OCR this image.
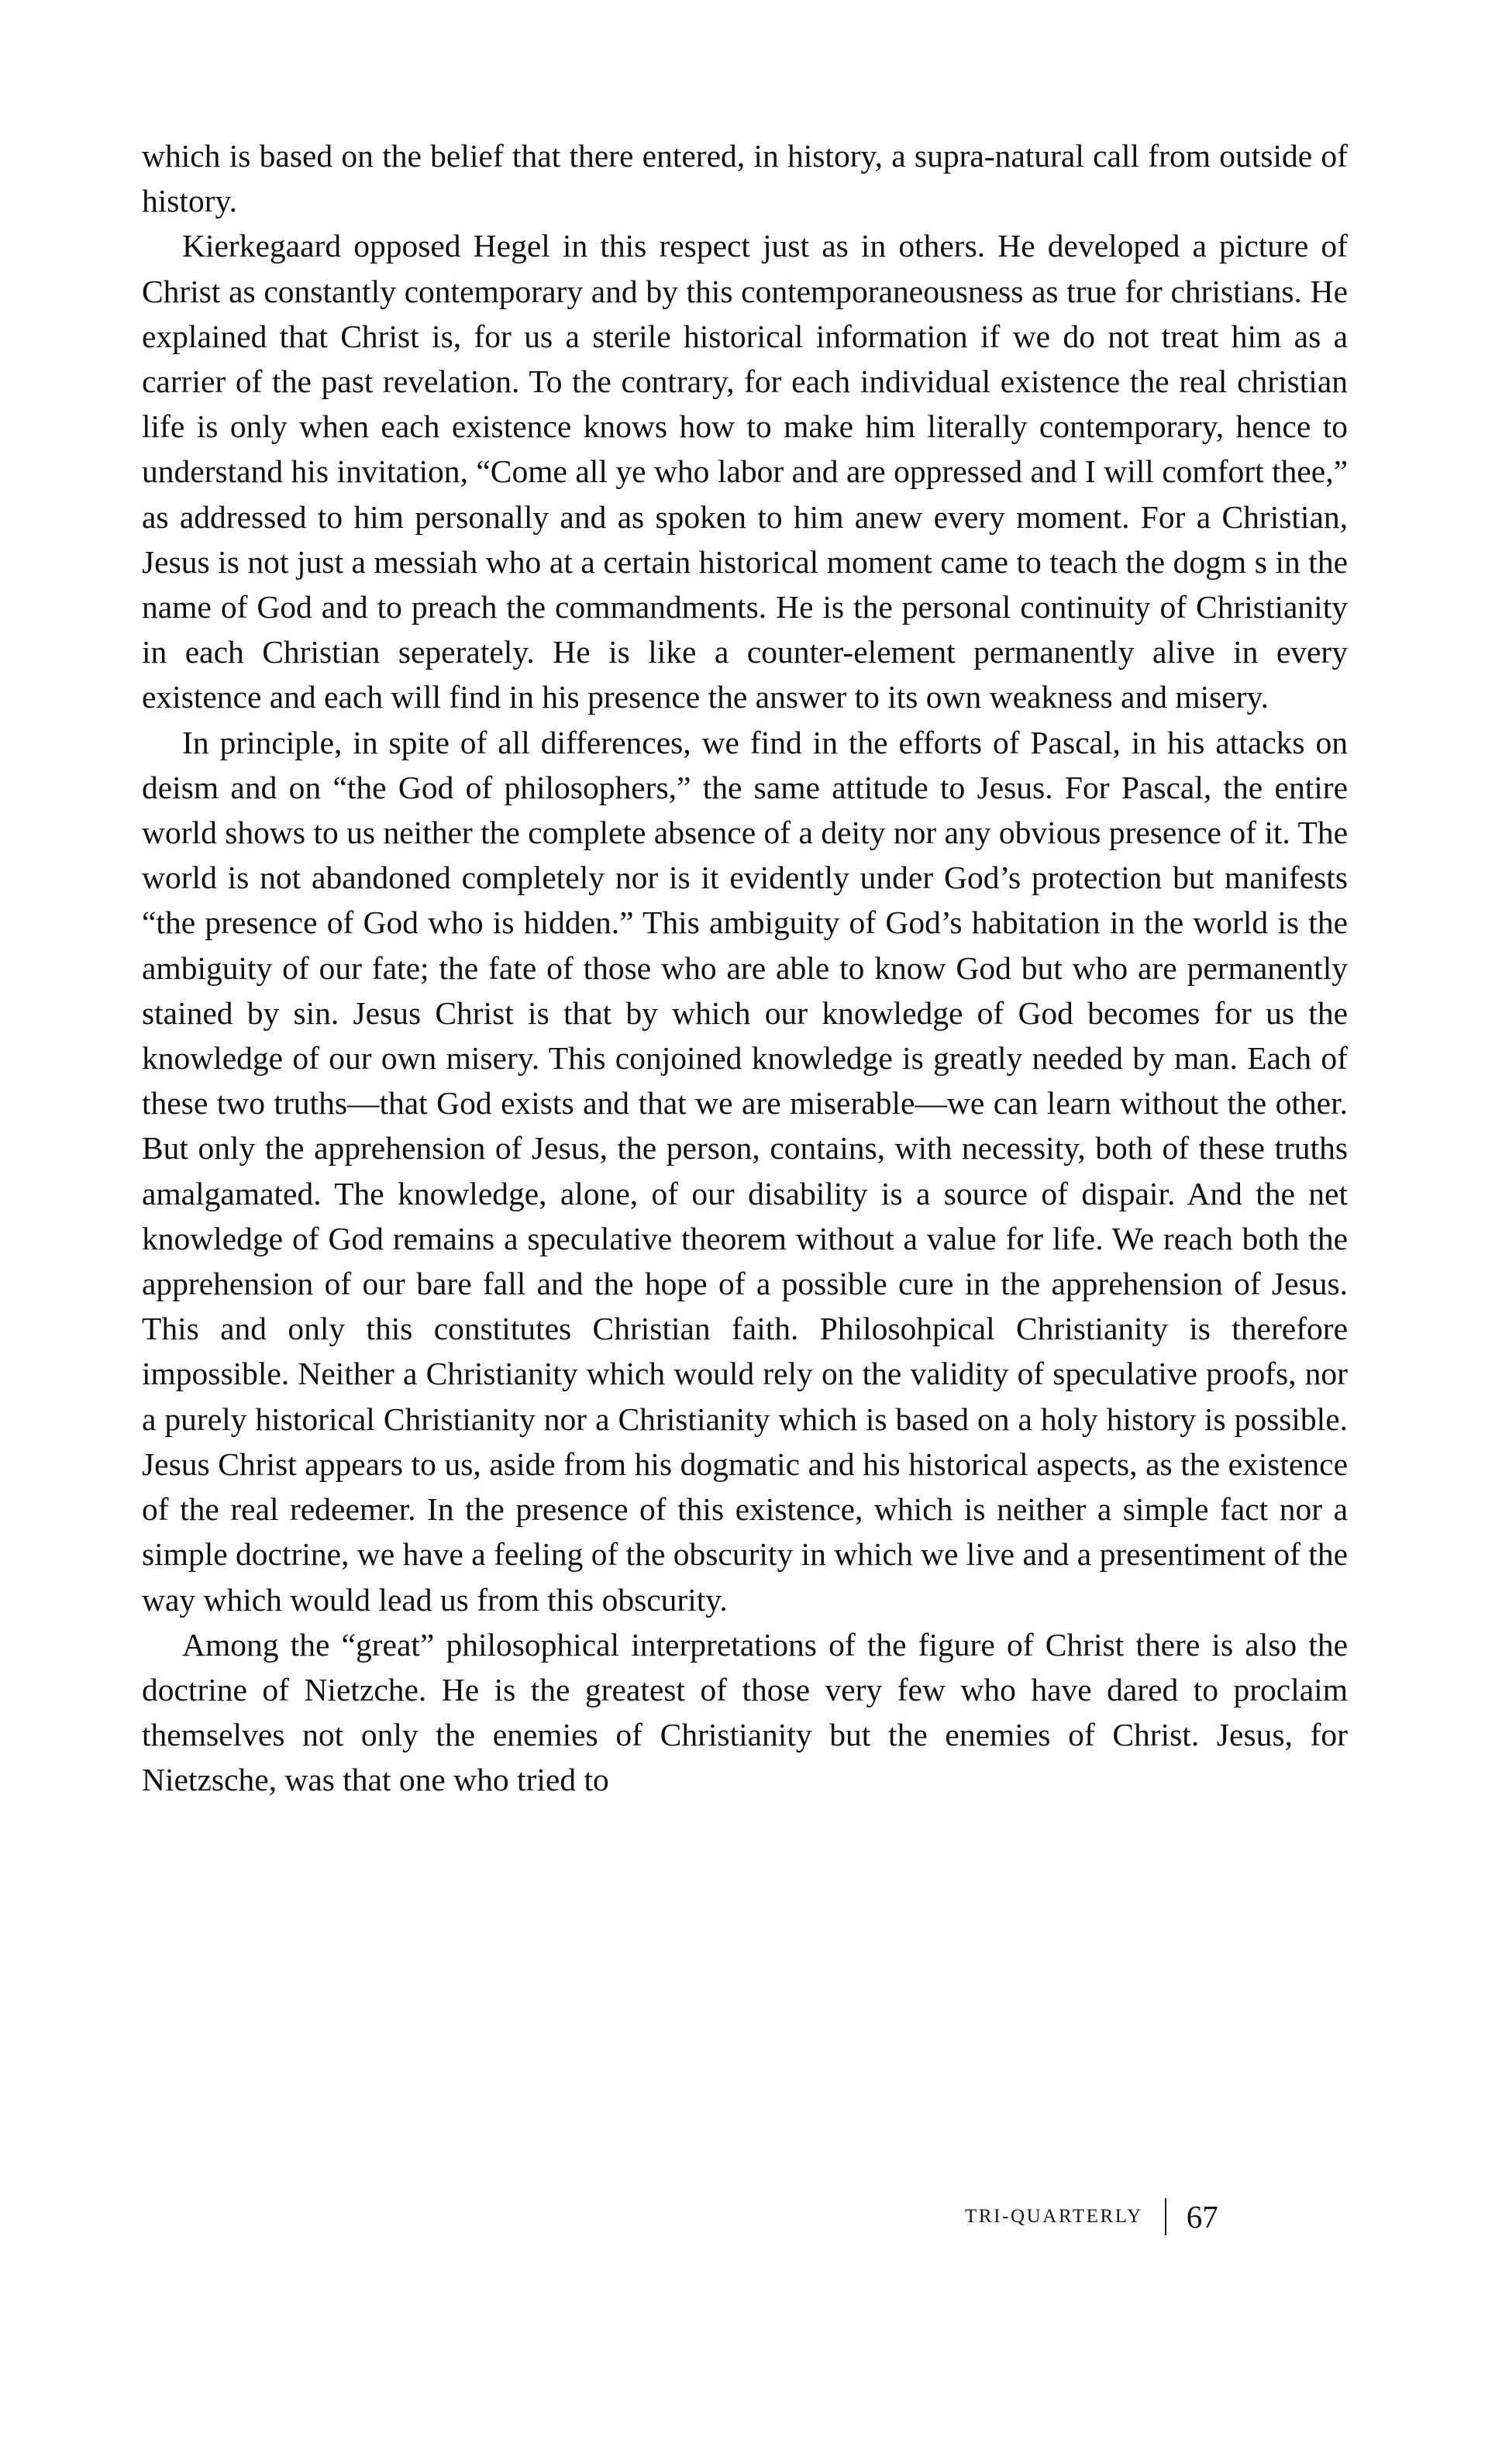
which is based on the belief that there entered, in history, a supra-natural call from outside of history.

Kierkegaard opposed Hegel in this respect just as in others. He developed a picture of Christ as constantly contemporary and by this contemporaneousness as true for christians. He explained that Christ is, for us a sterile historical information if we do not treat him as a carrier of the past revelation. To the contrary, for each individual existence the real christian life is only when each existence knows how to make him literally contemporary, hence to understand his invitation, “Come all ye who labor and are oppressed and I will comfort thee,” as addressed to him personally and as spoken to him anew every moment. For a Christian, Jesus is not just a messiah who at a certain historical moment came to teach the dogm s in the name of God and to preach the commandments. He is the personal continuity of Christianity in each Christian seperately. He is like a counter-element permanently alive in every existence and each will find in his presence the answer to its own weakness and misery.

In principle, in spite of all differences, we find in the efforts of Pascal, in his attacks on deism and on “the God of philosophers,” the same attitude to Jesus. For Pascal, the entire world shows to us neither the complete absence of a deity nor any obvious presence of it. The world is not abandoned completely nor is it evidently under God’s protection but manifests “the presence of God who is hidden.” This ambiguity of God’s habitation in the world is the ambiguity of our fate; the fate of those who are able to know God but who are permanently stained by sin. Jesus Christ is that by which our knowledge of God becomes for us the knowledge of our own misery. This conjoined knowledge is greatly needed by man. Each of these two truths—that God exists and that we are miserable—we can learn without the other. But only the apprehension of Jesus, the person, contains, with necessity, both of these truths amalgamated. The knowledge, alone, of our disability is a source of dispair. And the net knowledge of God remains a speculative theorem without a value for life. We reach both the apprehension of our bare fall and the hope of a possible cure in the apprehension of Jesus. This and only this constitutes Christian faith. Philosohpical Christianity is therefore impossible. Neither a Christianity which would rely on the validity of speculative proofs, nor a purely historical Christianity nor a Christianity which is based on a holy history is possible. Jesus Christ appears to us, aside from his dogmatic and his historical aspects, as the existence of the real redeemer. In the presence of this existence, which is neither a simple fact nor a simple doctrine, we have a feeling of the obscurity in which we live and a presentiment of the way which would lead us from this obscurity.

Among the “great” philosophical interpretations of the figure of Christ there is also the doctrine of Nietzche. He is the greatest of those very few who have dared to proclaim themselves not only the enemies of Christianity but the enemies of Christ. Jesus, for Nietzsche, was that one who tried to

TRI-QUARTERLY 67
